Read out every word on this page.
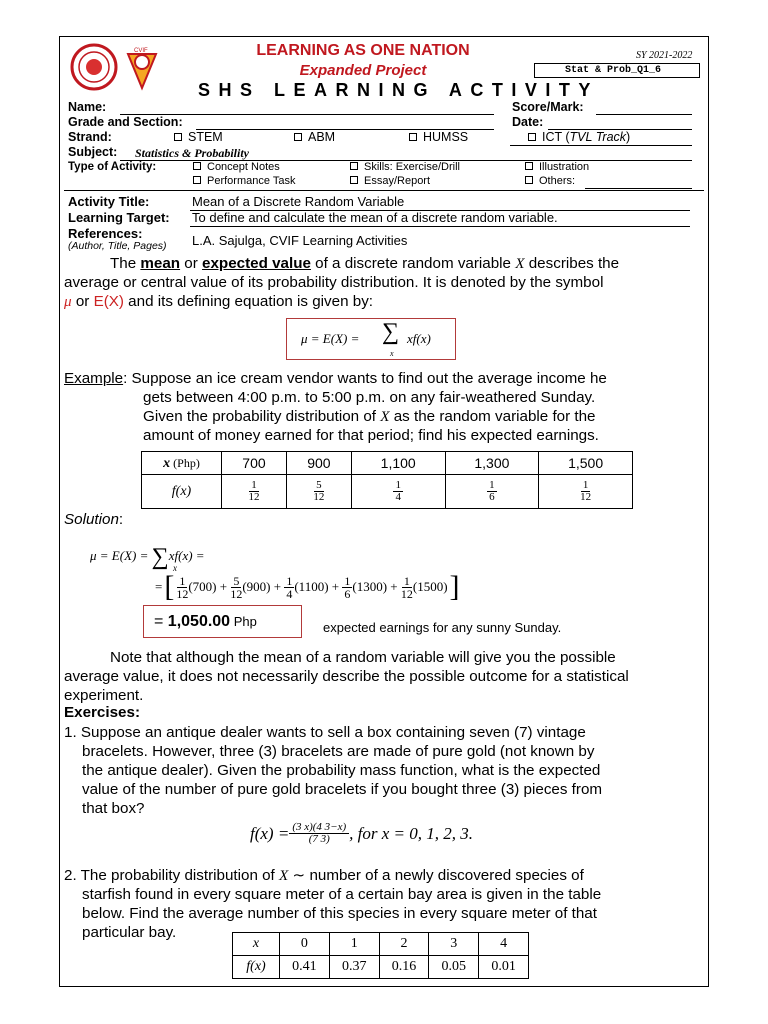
CVIF	LEARNING AS ONE NATION
Expanded Project
SHS LEARNING ACTIVITY
SY 2021-2022
Stat & Prob_Q1_6
Name:	Score/Mark:
Grade and Section:	Date:
Strand:	STEM	ABM	HUMSS	ICT (TVL Track)
Subject: Statistics & Probability
Type of Activity:	Concept Notes	Skills: Exercise/Drill	Illustration
Performance Task	Essay/Report	Others:
Activity Title:	Mean of a Discrete Random Variable
Learning Target: To define and calculate the mean of a discrete random variable.
References:
(Author, Title, Pages) L.A. Sajulga, CVIF Learning Activities
The mean or expected value of a discrete random variable X describes the
average or central value of its probability distribution. It is denoted by the symbol
μ or E(X) and its defining equation is given by:
μ = E(X) = ∑
x
xf(x)
Example: Suppose an ice cream vendor wants to find out the average income he
gets between 4:00 p.m. to 5:00 p.m. on any fair-weathered Sunday.
Given the probability distribution of X as the random variable for the
amount of money earned for that period; find his expected earnings.
x (Php)	700	900	1,100	1,300	1,500
f(x)	$\frac{1}{12}$	$\frac{5}{12}$	$\frac{1}{4}$	$\frac{1}{6}$	$\frac{1}{12}$
Solution:
μ = E(X) = ∑xf(x) =
x
= [ $\frac{1}{12} (700)$ +
$\frac{5}{12} (900)$ +
$\frac{1}{4} (1100)$ +
$\frac{1}{6} (1300)$ +
$\frac{1}{12} (1500)$ ]
= 1,050.00 Php	expected earnings for any sunny Sunday.
Note that although the mean of a random variable will give you the possible
average value, it does not necessarily describe the possible outcome for a statistical
experiment.
Exercises:
1. Suppose an antique dealer wants to sell a box containing seven (7) vintage
bracelets. However, three (3) bracelets are made of pure gold (not known by
the antique dealer). Given the probability mass function, what is the expected
value of the number of pure gold bracelets if you bought three (3) pieces from
that box?
$f(x) = \frac{(3 x)(4 3-x)}{(7 3)}$ , for x = 0, 1, 2, 3.
2. The probability distribution of X ∼ number of a newly discovered species of
starfish found in every square meter of a certain bay area is given in the table
below. Find the average number of this species in every square meter of that
particular bay.
x	0	1	2	3	4
f(x)	0.41	0.37	0.16	0.05	0.01
